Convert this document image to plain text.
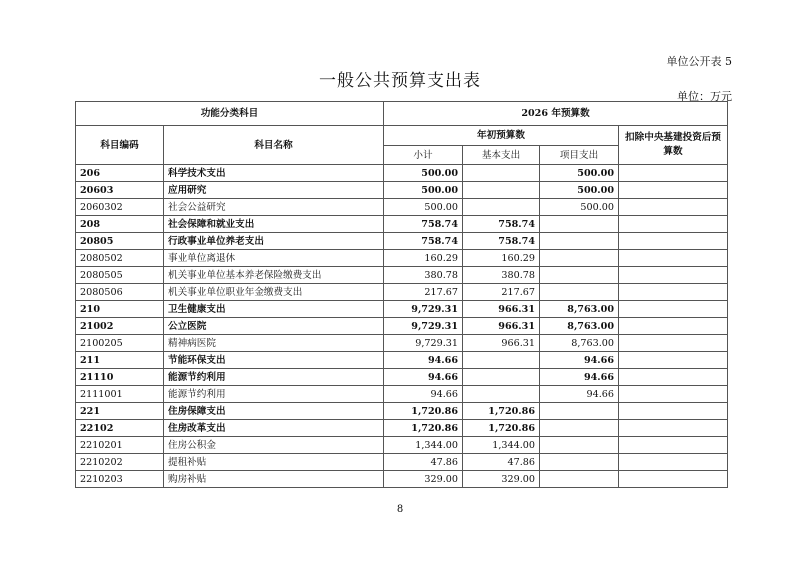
单位公开表 5
一般公共预算支出表
单位：万元
功能分类科目		2026 年预算数			
科目编码	科目名称	年初预算数			扣除中央基建投资后预算数
		小计	基本支出	项目支出	
206	科学技术支出	500.00		500.00	
20603	应用研究	500.00		500.00	
2060302	社会公益研究	500.00		500.00	
208	社会保障和就业支出	758.74	758.74		
20805	行政事业单位养老支出	758.74	758.74		
2080502	事业单位离退休	160.29	160.29		
2080505	机关事业单位基本养老保险缴费支出	380.78	380.78		
2080506	机关事业单位职业年金缴费支出	217.67	217.67		
210	卫生健康支出	9,729.31	966.31	8,763.00	
21002	公立医院	9,729.31	966.31	8,763.00	
2100205	精神病医院	9,729.31	966.31	8,763.00	
211	节能环保支出	94.66		94.66	
21110	能源节约利用	94.66		94.66	
2111001	能源节约利用	94.66		94.66	
221	住房保障支出	1,720.86	1,720.86		
22102	住房改革支出	1,720.86	1,720.86		
2210201	住房公积金	1,344.00	1,344.00		
2210202	提租补贴	47.86	47.86		
2210203	购房补贴	329.00	329.00		
8
